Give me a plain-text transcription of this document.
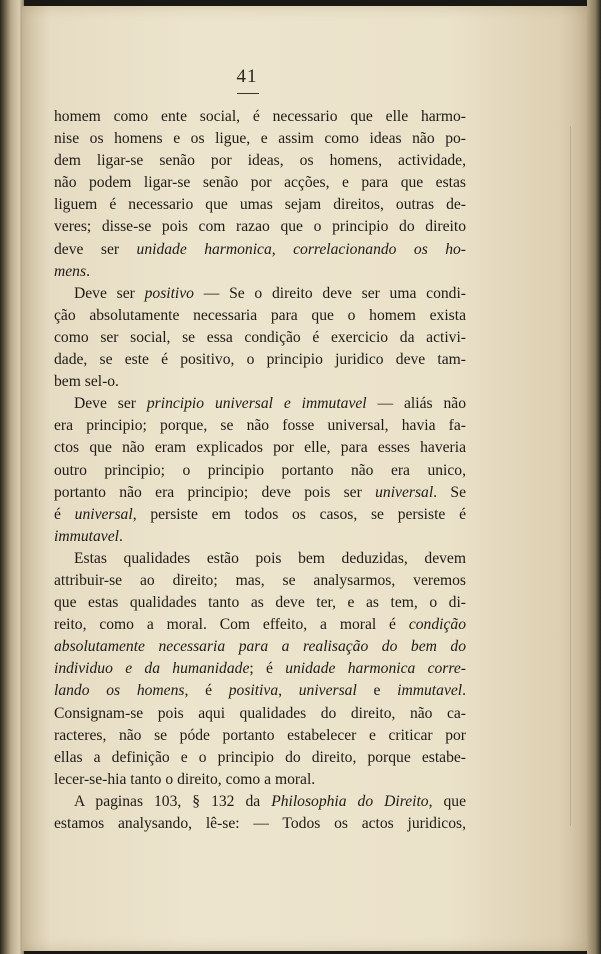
41

homem como ente social, é necessario que elle harmo-
nise os homens e os ligue, e assim como ideas não po-
dem ligar-se senão por ideas, os homens, actividade,
não podem ligar-se senão por acções, e para que estas
liguem é necessario que umas sejam direitos, outras de-
veres; disse-se pois com razao que o principio do direito
deve ser unidade harmonica, correlacionando os ho-
mens.

Deve ser positivo — Se o direito deve ser uma condi-
ção absolutamente necessaria para que o homem exista
como ser social, se essa condição é exercicio da activi-
dade, se este é positivo, o principio juridico deve tam-
bem sel-o.

Deve ser principio universal e immutavel — aliás não
era principio; porque, se não fosse universal, havia fa-
ctos que não eram explicados por elle, para esses haveria
outro principio; o principio portanto não era unico,
portanto não era principio; deve pois ser universal. Se
é universal, persiste em todos os casos, se persiste é
immutavel.

Estas qualidades estão pois bem deduzidas, devem
attribuir-se ao direito; mas, se analysarmos, veremos
que estas qualidades tanto as deve ter, e as tem, o di-
reito, como a moral. Com effeito, a moral é condição
absolutamente necessaria para a realisação do bem do
individuo e da humanidade; é unidade harmonica corre-
lando os homens, é positiva, universal e immutavel.
Consignam-se pois aqui qualidades do direito, não ca-
racteres, não se póde portanto estabelecer e criticar por
ellas a definição e o principio do direito, porque estabe-
lecer-se-hia tanto o direito, como a moral.

A paginas 103, § 132 da Philosophia do Direito, que
estamos analysando, lê-se: — Todos os actos juridicos,
